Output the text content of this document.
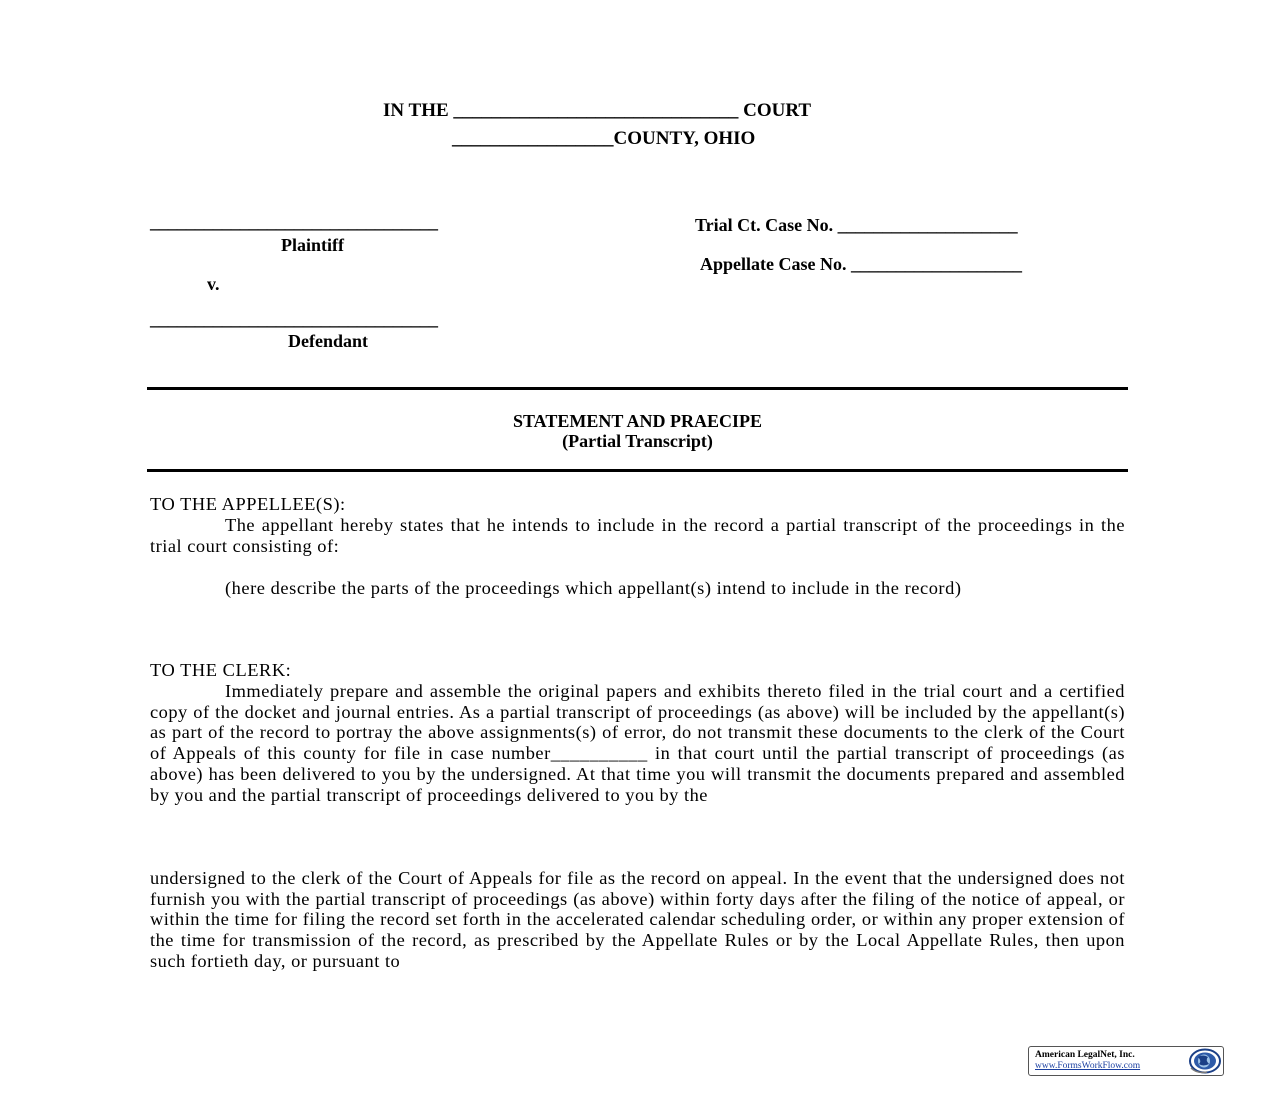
IN THE ______________________________ COURT
_________________COUNTY, OHIO
________________________________
Plaintiff
v.
________________________________
Defendant
Trial Ct. Case No. ____________________
Appellate Case No. ___________________
STATEMENT AND PRAECIPE
(Partial Transcript)
TO THE APPELLEE(S):
The appellant hereby states that he intends to include in the record a partial transcript of the proceedings in the trial court consisting of:
(here describe the parts of the proceedings which appellant(s) intend to include in the record)
TO THE CLERK:
Immediately prepare and assemble the original papers and exhibits thereto filed in the trial court and a certified copy of the docket and journal entries. As a partial transcript of proceedings (as above) will be included by the appellant(s) as part of the record to portray the above assignments(s) of error, do not transmit these documents to the clerk of the Court of Appeals of this county for file in case number__________ in that court until the partial transcript of proceedings (as above) has been delivered to you by the undersigned. At that time you will transmit the documents prepared and assembled by you and the partial transcript of proceedings delivered to you by the
undersigned to the clerk of the Court of Appeals for file as the record on appeal. In the event that the undersigned does not furnish you with the partial transcript of proceedings (as above) within forty days after the filing of the notice of appeal, or within the time for filing the record set forth in the accelerated calendar scheduling order, or within any proper extension of the time for transmission of the record, as prescribed by the Appellate Rules or by the Local Appellate Rules, then upon such fortieth day, or pursuant to
American LegalNet, Inc.
www.FormsWorkFlow.com
